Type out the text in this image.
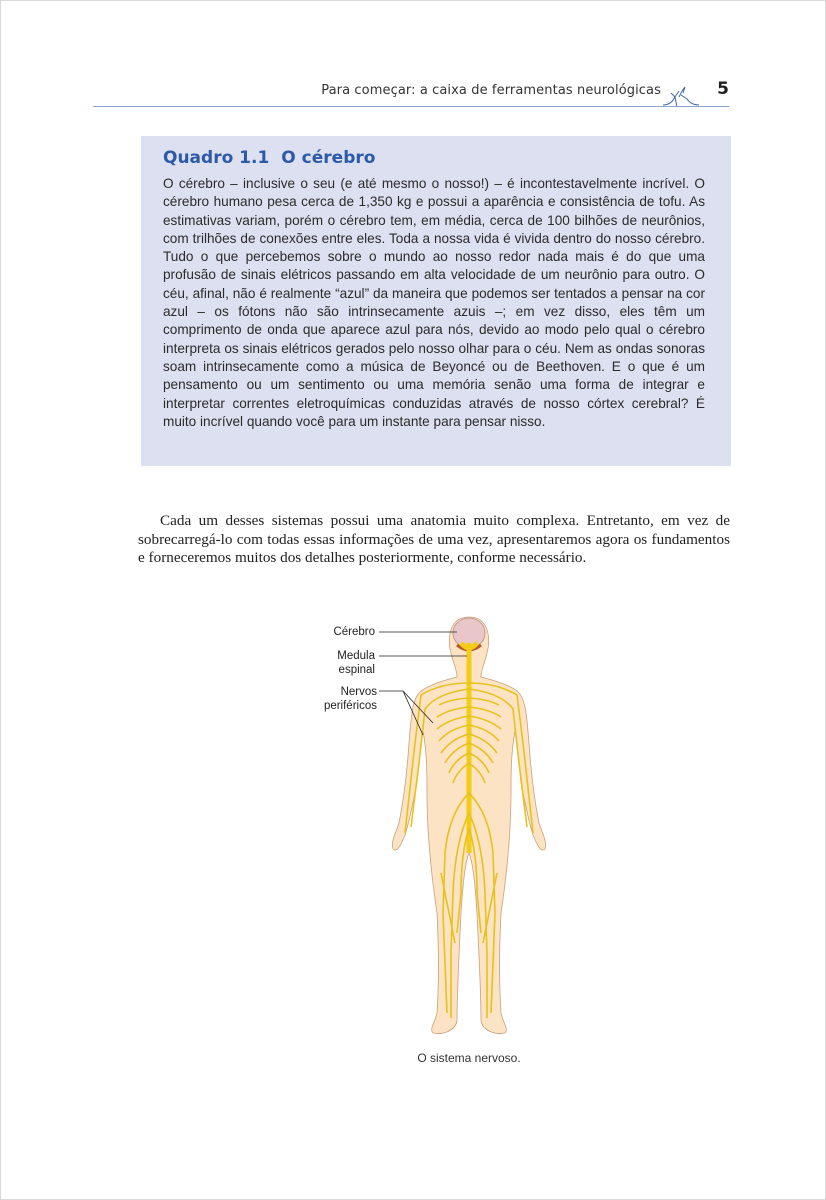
Para começar: a caixa de ferramentas neurológicas	5
Quadro 1.1 O cérebro

O cérebro – inclusive o seu (e até mesmo o nosso!) – é incontestavelmente incrível. O cérebro humano pesa cerca de 1,350 kg e possui a aparência e consistência de tofu. As estimativas variam, porém o cérebro tem, em média, cerca de 100 bilhões de neurônios, com trilhões de conexões entre eles. Toda a nossa vida é vivida dentro do nosso cérebro. Tudo o que percebemos sobre o mundo ao nosso redor nada mais é do que uma profusão de sinais elétricos passando em alta velocidade de um neurônio para outro. O céu, afinal, não é realmente “azul” da maneira que podemos ser tentados a pensar na cor azul – os fótons não são intrinsecamente azuis –; em vez disso, eles têm um comprimento de onda que aparece azul para nós, devido ao modo pelo qual o cérebro interpreta os sinais elétricos gerados pelo nosso olhar para o céu. Nem as ondas sonoras soam intrinsecamente como a música de Beyoncé ou de Beethoven. E o que é um pensamento ou um sentimento ou uma memória senão uma forma de integrar e interpretar correntes eletroquímicas conduzidas através de nosso córtex cerebral? É muito incrível quando você para um instante para pensar nisso.

Cada um desses sistemas possui uma anatomia muito complexa. Entretanto, em vez de sobrecarregá-lo com todas essas informações de uma vez, apresentaremos agora os fundamentos e forneceremos muitos dos detalhes posteriormente, conforme necessário.

Cérebro
Medula
espinal
Nervos
periféricos
O sistema nervoso.
